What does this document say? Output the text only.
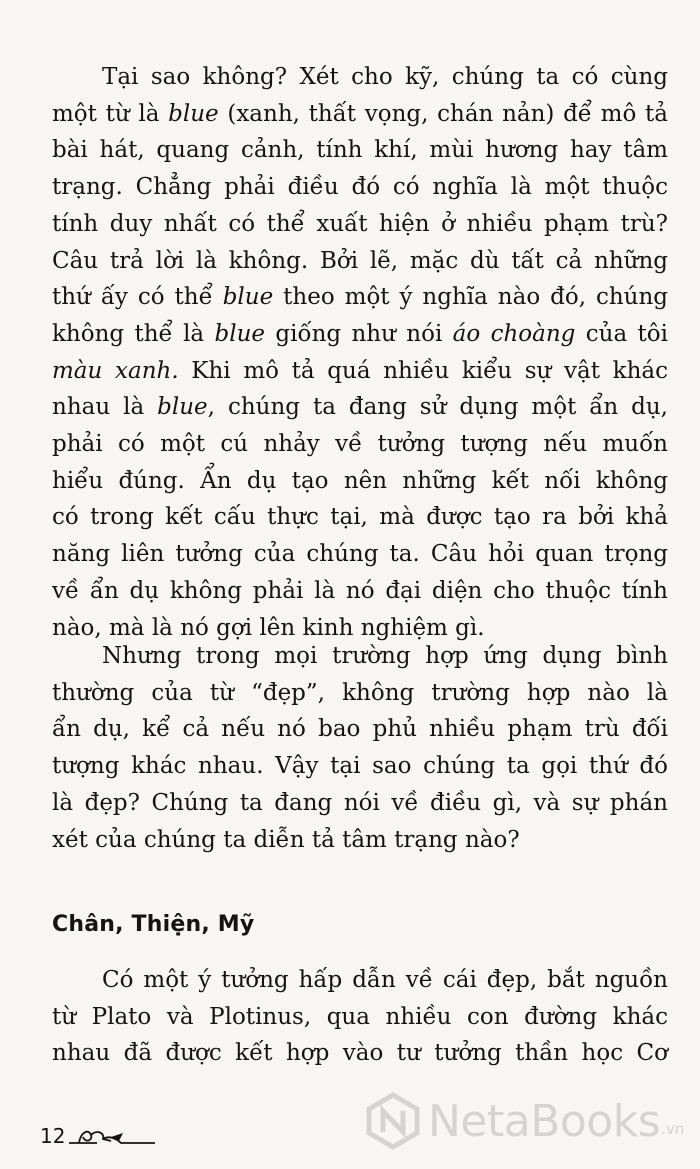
Tại sao không? Xét cho kỹ, chúng ta có cùng
một từ là blue (xanh, thất vọng, chán nản) để mô tả
bài hát, quang cảnh, tính khí, mùi hương hay tâm
trạng. Chẳng phải điều đó có nghĩa là một thuộc
tính duy nhất có thể xuất hiện ở nhiều phạm trù?
Câu trả lời là không. Bởi lẽ, mặc dù tất cả những
thứ ấy có thể blue theo một ý nghĩa nào đó, chúng
không thể là blue giống như nói áo choàng của tôi
màu xanh. Khi mô tả quá nhiều kiểu sự vật khác
nhau là blue, chúng ta đang sử dụng một ẩn dụ,
phải có một cú nhảy về tưởng tượng nếu muốn
hiểu đúng. Ẩn dụ tạo nên những kết nối không
có trong kết cấu thực tại, mà được tạo ra bởi khả
năng liên tưởng của chúng ta. Câu hỏi quan trọng
về ẩn dụ không phải là nó đại diện cho thuộc tính
nào, mà là nó gợi lên kinh nghiệm gì.
Nhưng trong mọi trường hợp ứng dụng bình
thường của từ “đẹp”, không trường hợp nào là
ẩn dụ, kể cả nếu nó bao phủ nhiều phạm trù đối
tượng khác nhau. Vậy tại sao chúng ta gọi thứ đó
là đẹp? Chúng ta đang nói về điều gì, và sự phán
xét của chúng ta diễn tả tâm trạng nào?
Chân, Thiện, Mỹ
Có một ý tưởng hấp dẫn về cái đẹp, bắt nguồn
từ Plato và Plotinus, qua nhiều con đường khác
nhau đã được kết hợp vào tư tưởng thần học Cơ
12	NetaBooks .vn
